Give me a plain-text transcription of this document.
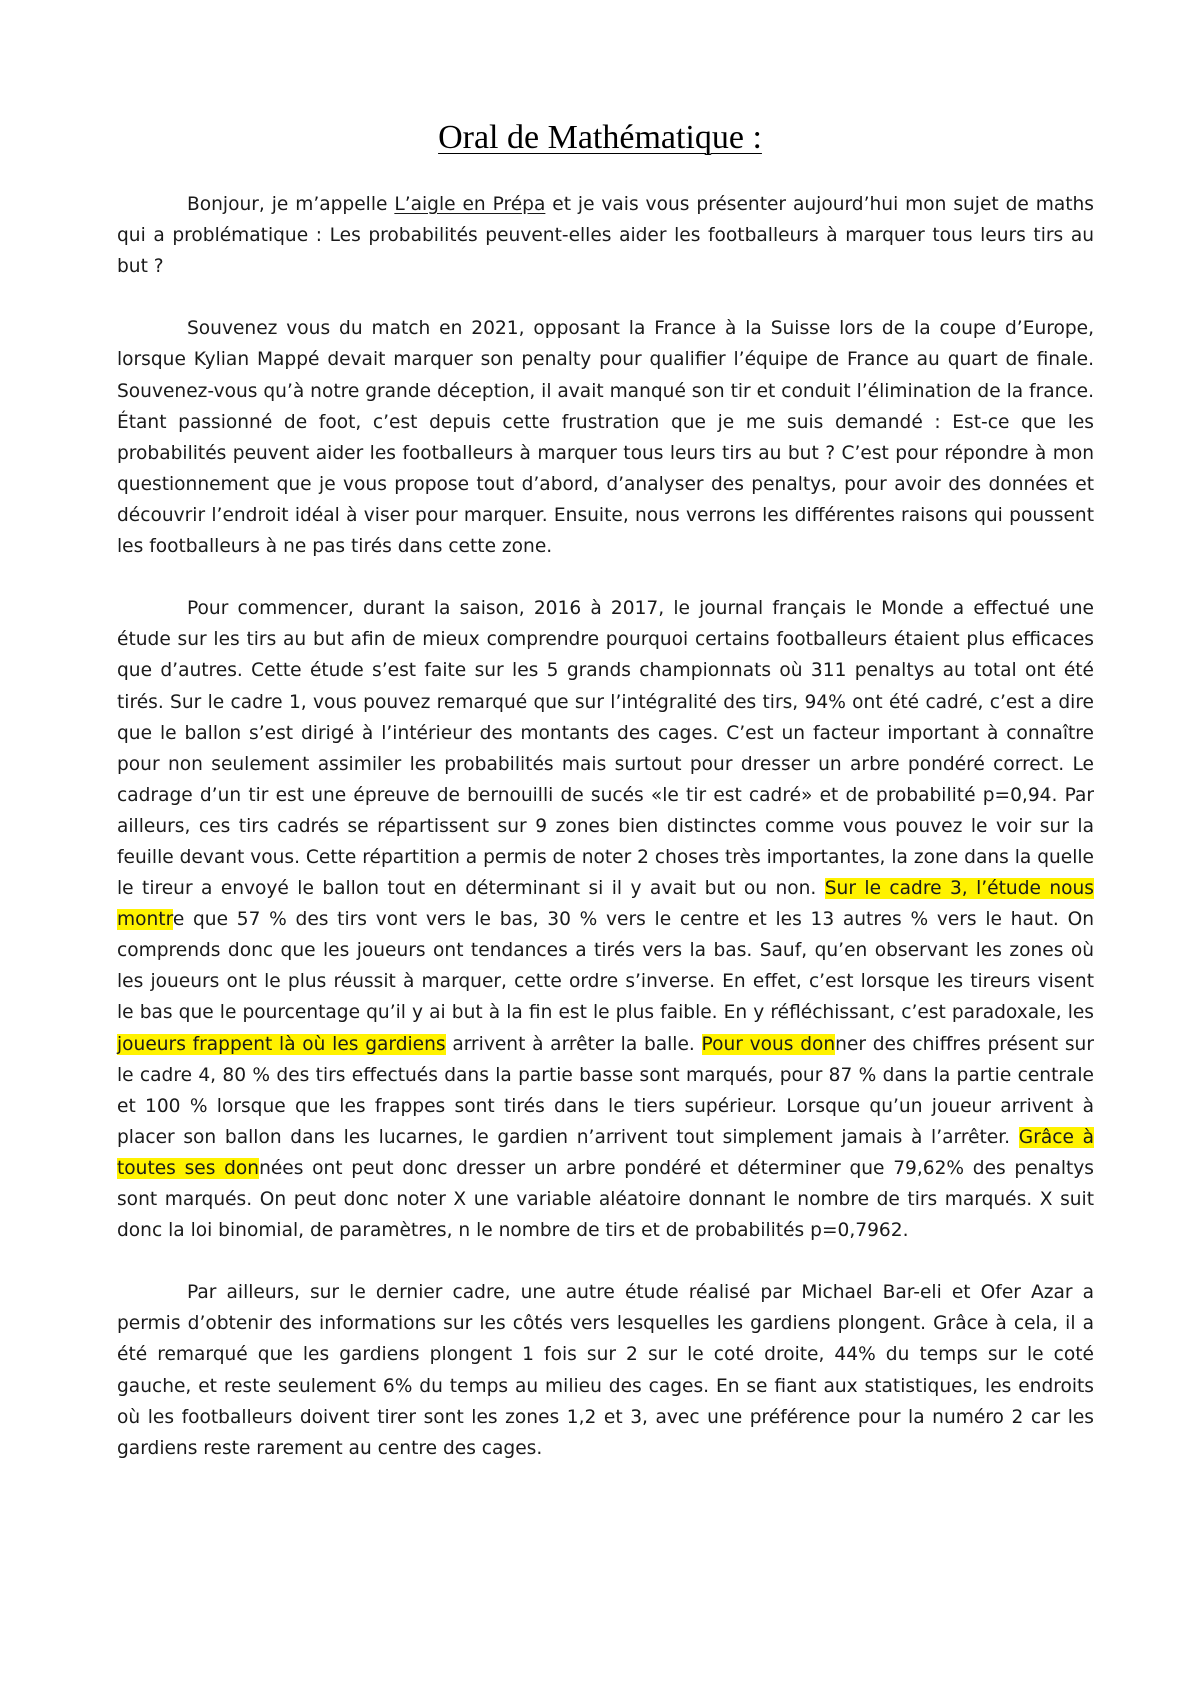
Oral de Mathématique :

Bonjour, je m’appelle L’aigle en Prépa et je vais vous présenter aujourd’hui mon sujet de maths qui a problématique : Les probabilités peuvent-elles aider les footballeurs à marquer tous leurs tirs au but ?

Souvenez vous du match en 2021, opposant la France à la Suisse lors de la coupe d’Europe, lorsque Kylian Mappé devait marquer son penalty pour qualifier l’équipe de France au quart de finale. Souvenez-vous qu’à notre grande déception, il avait manqué son tir et conduit l’élimination de la france. Étant passionné de foot, c’est depuis cette frustration que je me suis demandé : Est-ce que les probabilités peuvent aider les footballeurs à marquer tous leurs tirs au but ? C’est pour répondre à mon questionnement que je vous propose tout d’abord, d’analyser des penaltys, pour avoir des données et découvrir l’endroit idéal à viser pour marquer. Ensuite, nous verrons les différentes raisons qui poussent les footballeurs à ne pas tirés dans cette zone.

Pour commencer, durant la saison, 2016 à 2017, le journal français le Monde a effectué une étude sur les tirs au but afin de mieux comprendre pourquoi certains footballeurs étaient plus efficaces que d’autres. Cette étude s’est faite sur les 5 grands championnats où 311 penaltys au total ont été tirés. Sur le cadre 1, vous pouvez remarqué que sur l’intégralité des tirs, 94% ont été cadré, c’est a dire que le ballon s’est dirigé à l’intérieur des montants des cages. C’est un facteur important à connaître pour non seulement assimiler les probabilités mais surtout pour dresser un arbre pondéré correct. Le cadrage d’un tir est une épreuve de bernouilli de sucés «le tir est cadré» et de probabilité p=0,94. Par ailleurs, ces tirs cadrés se répartissent sur 9 zones bien distinctes comme vous pouvez le voir sur la feuille devant vous. Cette répartition a permis de noter 2 choses très importantes, la zone dans la quelle le tireur a envoyé le ballon tout en déterminant si il y avait but ou non. Sur le cadre 3, l’étude nous montre que 57 % des tirs vont vers le bas, 30 % vers le centre et les 13 autres % vers le haut. On comprends donc que les joueurs ont tendances a tirés vers la bas. Sauf, qu’en observant les zones où les joueurs ont le plus réussit à marquer, cette ordre s’inverse. En effet, c’est lorsque les tireurs visent le bas que le pourcentage qu’il y ai but à la fin est le plus faible. En y réfléchissant, c’est paradoxale, les joueurs frappent là où les gardiens arrivent à arrêter la balle. Pour vous donner des chiffres présent sur le cadre 4, 80 % des tirs effectués dans la partie basse sont marqués, pour 87 % dans la partie centrale et 100 % lorsque que les frappes sont tirés dans le tiers supérieur. Lorsque qu’un joueur arrivent à placer son ballon dans les lucarnes, le gardien n’arrivent tout simplement jamais à l’arrêter. Grâce à toutes ses données ont peut donc dresser un arbre pondéré et déterminer que 79,62% des penaltys sont marqués. On peut donc noter X une variable aléatoire donnant le nombre de tirs marqués. X suit donc la loi binomial, de paramètres, n le nombre de tirs et de probabilités p=0,7962.

Par ailleurs, sur le dernier cadre, une autre étude réalisé par Michael Bar-eli et Ofer Azar a permis d’obtenir des informations sur les côtés vers lesquelles les gardiens plongent. Grâce à cela, il a été remarqué que les gardiens plongent 1 fois sur 2 sur le coté droite, 44% du temps sur le coté gauche, et reste seulement 6% du temps au milieu des cages. En se fiant aux statistiques, les endroits où les footballeurs doivent tirer sont les zones 1,2 et 3, avec une préférence pour la numéro 2 car les gardiens reste rarement au centre des cages.
